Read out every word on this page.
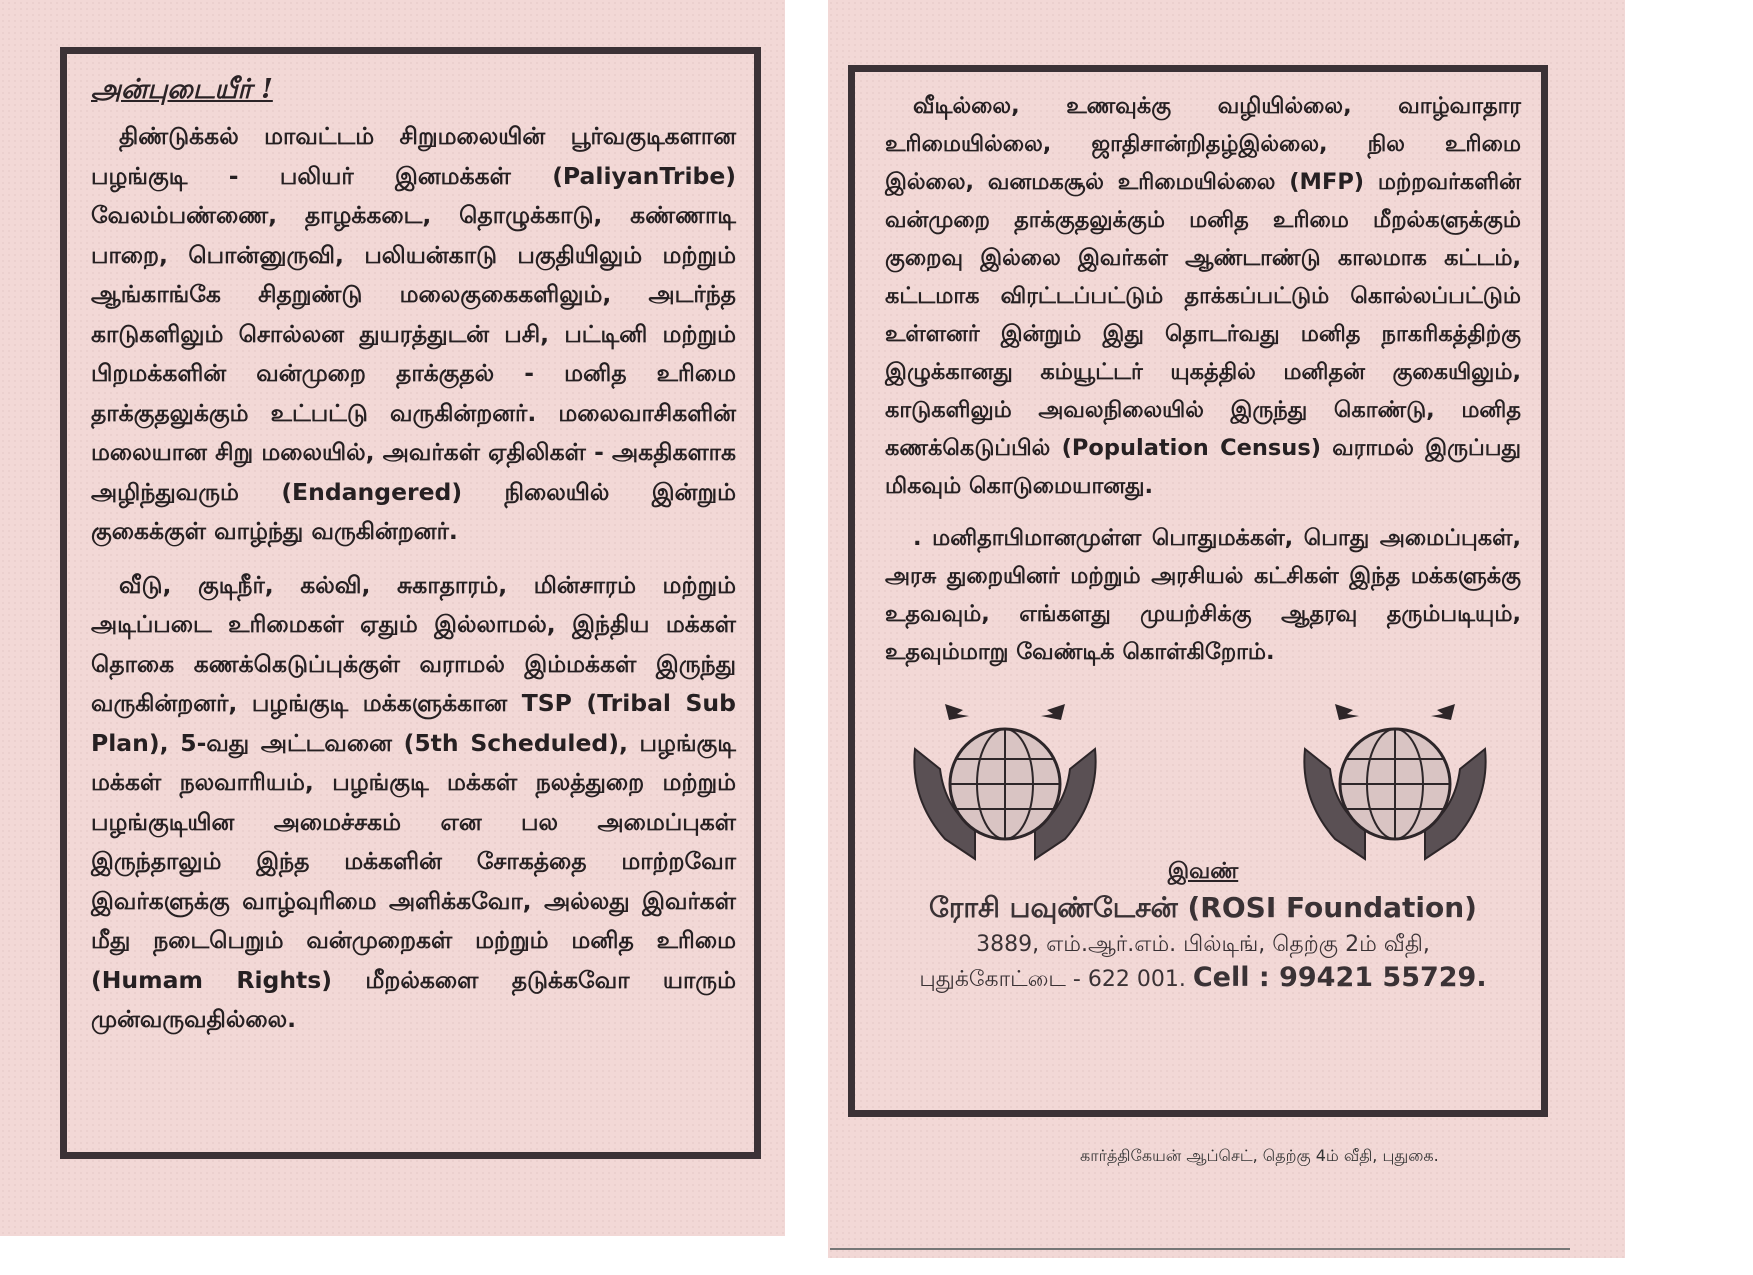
அன்புடையீர் !

திண்டுக்கல் மாவட்டம் சிறுமலையின் பூர்வகுடிகளான பழங்குடி - பலியர் இனமக்கள் (PaliyanTribe) வேலம்பண்ணை, தாழக்கடை, தொழுக்காடு, கண்ணாடி பாறை, பொன்னுருவி, பலியன்காடு பகுதியிலும் மற்றும் ஆங்காங்கே சிதறுண்டு மலைகுகைகளிலும், அடர்ந்த காடுகளிலும் சொல்லன துயரத்துடன் பசி, பட்டினி மற்றும் பிறமக்களின் வன்முறை தாக்குதல் - மனித உரிமை தாக்குதலுக்கும் உட்பட்டு வருகின்றனர். மலைவாசிகளின் மலையான சிறு மலையில், அவர்கள் ஏதிலிகள் - அகதிகளாக அழிந்துவரும் (Endangered) நிலையில் இன்றும் குகைக்குள் வாழ்ந்து வருகின்றனர்.

வீடு, குடிநீர், கல்வி, சுகாதாரம், மின்சாரம் மற்றும் அடிப்படை உரிமைகள் ஏதும் இல்லாமல், இந்திய மக்கள் தொகை கணக்கெடுப்புக்குள் வராமல் இம்மக்கள் இருந்து வருகின்றனர், பழங்குடி மக்களுக்கான TSP (Tribal Sub Plan), 5-வது அட்டவனை (5th Scheduled), பழங்குடி மக்கள் நலவாரியம், பழங்குடி மக்கள் நலத்துறை மற்றும் பழங்குடியின அமைச்சகம் என பல அமைப்புகள் இருந்தாலும் இந்த மக்களின் சோகத்தை மாற்றவோ இவர்களுக்கு வாழ்வுரிமை அளிக்கவோ, அல்லது இவர்கள் மீது நடைபெறும் வன்முறைகள் மற்றும் மனித உரிமை (Humam Rights) மீறல்களை தடுக்கவோ யாரும் முன்வருவதில்லை.

வீடில்லை, உணவுக்கு வழியில்லை, வாழ்வாதார உரிமையில்லை, ஜாதிசான்றிதழ்இல்லை, நில உரிமை இல்லை, வனமகசூல் உரிமையில்லை (MFP) மற்றவர்களின் வன்முறை தாக்குதலுக்கும் மனித உரிமை மீறல்களுக்கும் குறைவு இல்லை இவர்கள் ஆண்டாண்டு காலமாக கட்டம், கட்டமாக விரட்டப்பட்டும் தாக்கப்பட்டும் கொல்லப்பட்டும் உள்ளனர் இன்றும் இது தொடர்வது மனித நாகரிகத்திற்கு இழுக்கானது கம்யூட்டர் யுகத்தில் மனிதன் குகையிலும், காடுகளிலும் அவலநிலையில் இருந்து கொண்டு, மனித கணக்கெடுப்பில் (Population Census) வராமல் இருப்பது மிகவும் கொடுமையானது.

. மனிதாபிமானமுள்ள பொதுமக்கள், பொது அமைப்புகள், அரசு துறையினர் மற்றும் அரசியல் கட்சிகள் இந்த மக்களுக்கு உதவவும், எங்களது முயற்சிக்கு ஆதரவு தரும்படியும், உதவும்மாறு வேண்டிக் கொள்கிறோம்.

இவண்
ரோசி பவுண்டேசன் (ROSI Foundation)
3889, எம்.ஆர்.எம். பில்டிங், தெற்கு 2ம் வீதி,
புதுக்கோட்டை - 622 001. Cell : 99421 55729.
கார்த்திகேயன் ஆப்செட், தெற்கு 4ம் வீதி, புதுகை.
